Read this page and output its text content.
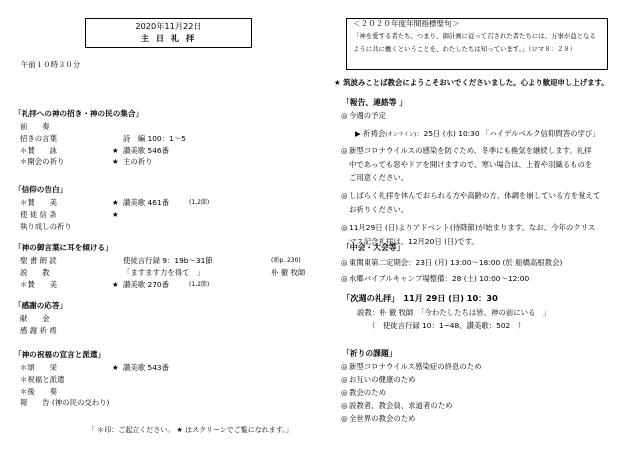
2020年11月22日
主 日 礼 拝
午前１０時３０分
＜２０２０年度年間指標聖句＞
「神を愛する者たち、つまり、御計画に従って召された者たちには、万事が益となる
ように共に働くということを、わたしたちは知っています。」（ロマ８：２８）
★ 筑波みことば教会にようこそおいでくださいました。心より歓迎申し上げます。
「礼拝への神の招き・神の民の集合」
前　　奏
招きの言葉	詩　編 100：1〜5
＊賛　　詠	★ 讃美歌 546番
＊開会の祈り	★ 主の祈り
「信仰の告白」
＊賛　　美	★ 讃美歌 461番	(1,2節)
使 徒 信 条	★
執り成しの祈り
「神の御言葉に耳を傾ける」
聖 書 朗 読	使徒言行録 9：19b〜31節	(新p. 230)
説　　教	「ますます力を得て　」	朴 徹 牧師
＊賛　　美	★ 讃美歌 270番	(1,2節)
「感謝の応答」
献　　金
感 謝 祈 祷
「神の祝福の宣言と派遣」
＊頌　　栄	★ 讃美歌 543番
＊祝福と派遣
＊後　　奏
報　　告 (神の民の交わり)
「 ＊印：ご起立ください。 ★ はスクリーンでご覧になれます。」
「報告、連絡等 」
◎ 今週の予定
▶ 祈祷会(オンライン)：25日 (水) 10:30 「ハイデルベルク信仰問答の学び」
◎ 新型コロナウイルスの感染を防ぐため、冬季にも換気を継続します。礼拝
中であっても窓やドアを開けますので、寒い場合は、上着や羽織るものを
ご用意ください。
◎ しばらく礼拝を休んでおられる方や高齢の方、体調を崩している方を覚えて
お祈りください。
◎ 11月29日 (日)よりアドベント(待降節)が始まります。なお、今年のクリス
マス記念礼拝は、12月20日 (日)です。
「中会・大会等」
◎ 東関東第二定期会：23日 (月) 13:00〜18:00 (於 船橋高根教会)
◎ 水郷バイブルキャンプ場整備：28 (土) 10:00〜12:00
「次週の礼拝」　11月 29日 (日) 10：30
説教：朴 徹 牧師　「今わたしたちは皆、神の前にいる　」
（　使徒言行録 10：1−48、讃美歌：502　）
「祈りの課題」
◎ 新型コロナウイルス感染症の終息のため
◎ お互いの健康のため
◎ 教会のため
◎ 説教者、教会員、求道者のため
◎ 全世界の教会のため
